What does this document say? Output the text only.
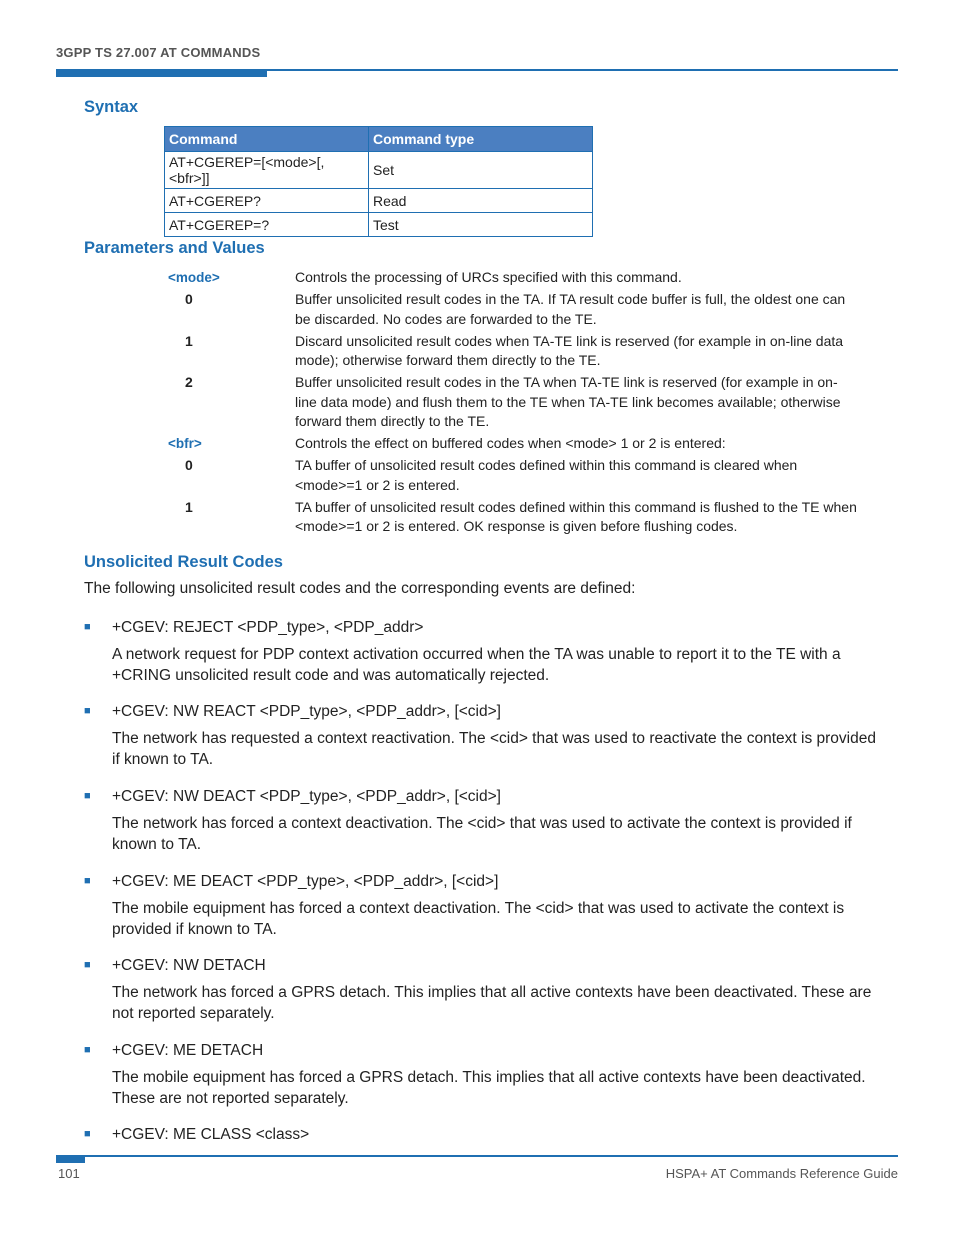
3GPP TS 27.007 AT COMMANDS
Syntax
Command	Command type
AT+CGEREP=[<mode>[,<bfr>]]	Set
AT+CGEREP?	Read
AT+CGEREP=?	Test
Parameters and Values
<mode>	Controls the processing of URCs specified with this command.
0	Buffer unsolicited result codes in the TA. If TA result code buffer is full, the oldest one can be discarded. No codes are forwarded to the TE.
1	Discard unsolicited result codes when TA-TE link is reserved (for example in on-line data mode); otherwise forward them directly to the TE.
2	Buffer unsolicited result codes in the TA when TA-TE link is reserved (for example in on-line data mode) and flush them to the TE when TA-TE link becomes available; otherwise forward them directly to the TE.
<bfr>	Controls the effect on buffered codes when <mode> 1 or 2 is entered:
0	TA buffer of unsolicited result codes defined within this command is cleared when <mode>=1 or 2 is entered.
1	TA buffer of unsolicited result codes defined within this command is flushed to the TE when <mode>=1 or 2 is entered. OK response is given before flushing codes.
Unsolicited Result Codes
The following unsolicited result codes and the corresponding events are defined:
■	+CGEV: REJECT <PDP_type>, <PDP_addr>
A network request for PDP context activation occurred when the TA was unable to report it to the TE with a +CRING unsolicited result code and was automatically rejected.
■	+CGEV: NW REACT <PDP_type>, <PDP_addr>, [<cid>]
The network has requested a context reactivation. The <cid> that was used to reactivate the context is provided if known to TA.
■	+CGEV: NW DEACT <PDP_type>, <PDP_addr>, [<cid>]
The network has forced a context deactivation. The <cid> that was used to activate the context is provided if known to TA.
■	+CGEV: ME DEACT <PDP_type>, <PDP_addr>, [<cid>]
The mobile equipment has forced a context deactivation. The <cid> that was used to activate the context is provided if known to TA.
■	+CGEV: NW DETACH
The network has forced a GPRS detach. This implies that all active contexts have been deactivated. These are not reported separately.
■	+CGEV: ME DETACH
The mobile equipment has forced a GPRS detach. This implies that all active contexts have been deactivated. These are not reported separately.
■	+CGEV: ME CLASS <class>
101	HSPA+ AT Commands Reference Guide
